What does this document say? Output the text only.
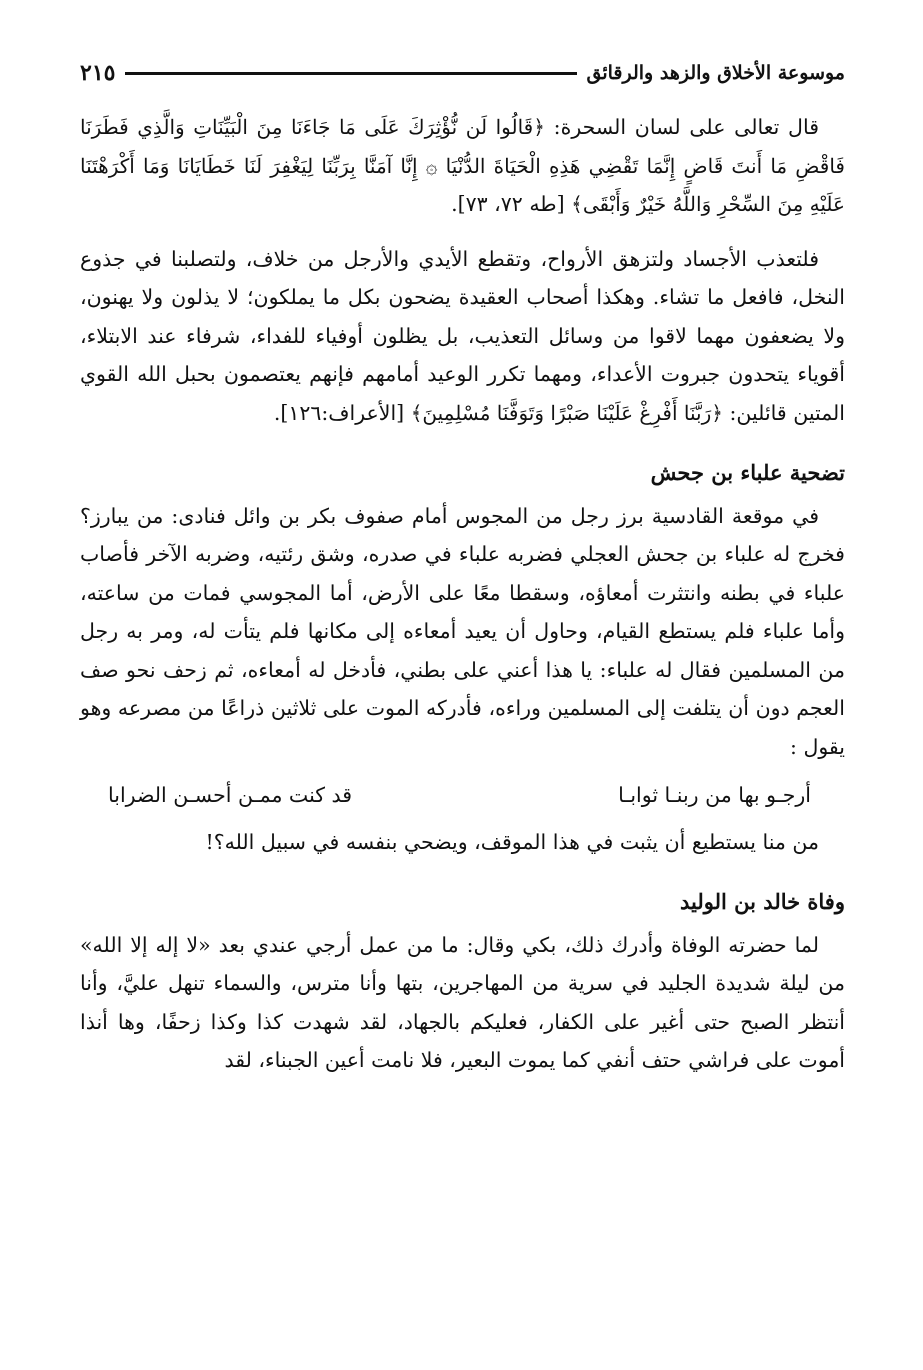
موسوعة الأخلاق والزهد والرقائق
٢١٥

قال تعالى على لسان السحرة: ﴿قَالُوا لَن نُّؤْثِرَكَ عَلَى مَا جَاءَنَا مِنَ الْبَيِّنَاتِ وَالَّذِي فَطَرَنَا فَاقْضِ مَا أَنتَ قَاضٍ إِنَّمَا تَقْضِي هَذِهِ الْحَيَاةَ الدُّنْيَا ۞ إِنَّا آمَنَّا بِرَبِّنَا لِيَغْفِرَ لَنَا خَطَايَانَا وَمَا أَكْرَهْتَنَا عَلَيْهِ مِنَ السِّحْرِ وَاللَّهُ خَيْرٌ وَأَبْقَى﴾ [طه ٧٢، ٧٣].

فلتعذب الأجساد ولتزهق الأرواح، وتقطع الأيدي والأرجل من خلاف، ولتصلبنا في جذوع النخل، فافعل ما تشاء. وهكذا أصحاب العقيدة يضحون بكل ما يملكون؛ لا يذلون ولا يهنون، ولا يضعفون مهما لاقوا من وسائل التعذيب، بل يظلون أوفياء للفداء، شرفاء عند الابتلاء، أقوياء يتحدون جبروت الأعداء، ومهما تكرر الوعيد أمامهم فإنهم يعتصمون بحبل الله القوي المتين قائلين: ﴿رَبَّنَا أَفْرِغْ عَلَيْنَا صَبْرًا وَتَوَفَّنَا مُسْلِمِينَ﴾ [الأعراف:١٢٦].

تضحية علباء بن جحش

في موقعة القادسية برز رجل من المجوس أمام صفوف بكر بن وائل فنادى: من يبارز؟ فخرج له علباء بن جحش العجلي فضربه علباء في صدره، وشق رئتيه، وضربه الآخر فأصاب علباء في بطنه وانتثرت أمعاؤه، وسقطا معًا على الأرض، أما المجوسي فمات من ساعته، وأما علباء فلم يستطع القيام، وحاول أن يعيد أمعاءه إلى مكانها فلم يتأت له، ومر به رجل من المسلمين فقال له علباء: يا هذا أعني على بطني، فأدخل له أمعاءه، ثم زحف نحو صف العجم دون أن يتلفت إلى المسلمين وراءه، فأدركه الموت على ثلاثين ذراعًا من مصرعه وهو يقول :

أرجـو بها من ربنـا ثوابـا
قد كنت ممـن أحسـن الضرابا

من منا يستطيع أن يثبت في هذا الموقف، ويضحي بنفسه في سبيل الله؟!

وفاة خالد بن الوليد

لما حضرته الوفاة وأدرك ذلك، بكي وقال: ما من عمل أرجي عندي بعد «لا إله إلا الله» من ليلة شديدة الجليد في سرية من المهاجرين، بتها وأنا مترس، والسماء تنهل عليَّ، وأنا أنتظر الصبح حتى أغير على الكفار، فعليكم بالجهاد، لقد شهدت كذا وكذا زحفًا، وها أنذا أموت على فراشي حتف أنفي كما يموت البعير، فلا نامت أعين الجبناء، لقد
